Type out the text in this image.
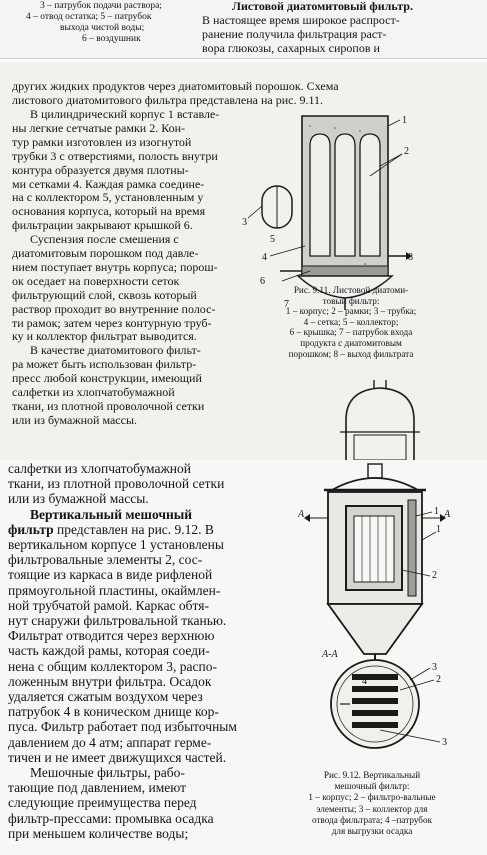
3 – патрубок подачи раствора;
4 – отвод остатка; 5 – патрубок
выхода чистой воды;
6 – воздушник
Листовой диатомитовый фильтр.
В настоящее время широкое распрост-
ранение получила фильтрация раст-
вора глюкозы, сахарных сиропов и
других жидких продуктов через диатомитовый порошок. Схема
листового диатомитового фильтра представлена на рис. 9.11.
В цилиндрический корпус 1 вставле-
ны легкие сетчатые рамки 2. Кон-
тур рамки изготовлен из изогнутой
трубки 3 с отверстиями, полость внутри
контура образуется двумя плотны-
ми сетками 4. Каждая рамка соедине-
на с коллектором 5, установленным у
основания корпуса, который на время
фильтрации закрывают крышкой 6.
Суспензия после смешения с
диатомитовым порошком под давле-
нием поступает внутрь корпуса; порош-
ок оседает на поверхности сеток
фильтрующий слой, сквозь который
раствор проходит во внутренние полос-
ти рамок; затем через контурную труб-
ку и коллектор фильтрат выводится.
В качестве диатомитового фильт-
ра может быть использован фильтр-
пресс любой конструкции, имеющий
салфетки из хлопчатобумажной
ткани, из плотной проволочной сетки
или из бумажной массы.
1
2
3
4
5
6
7
8
Рис. 9.11. Листовой диатоми-
товый фильтр:
1 – корпус; 2 – рамки; 3 – трубка;
4 – сетка; 5 – коллектор;
6 – крышка; 7 – патрубок входа
продукта с диатомитовым
порошком; 8 – выход фильтрата
салфетки из хлопчатобумажной
ткани, из плотной проволочной сетки
или из бумажной массы.
Вертикальный мешочный
фильтр представлен на рис. 9.12. В
вертикальном корпусе 1 установлены
фильтровальные элементы 2, сос-
тоящие из каркаса в виде рифленой
прямоугольной пластины, окаймлен-
ной трубчатой рамой. Каркас обтя-
нут снаружи фильтровальной тканью.
Фильтрат отводится через верхнюю
часть каждой рамы, которая соеди-
нена с общим коллектором 3, распо-
ложенным внутри фильтра. Осадок
удаляется сжатым воздухом через
патрубок 4 в коническом днище кор-
пуса. Фильтр работает под избыточным
давлением до 4 атм; аппарат герме-
тичен и не имеет движущихся частей.
Мешочные фильтры, рабо-
тающие под давлением, имеют
следующие преимущества перед
фильтр-прессами: промывка осадка
при меньшем количестве воды;
А	А
1
1
2
4
А-А
3
2
3
Рис. 9.12. Вертикальный
мешочный фильтр:
1 – корпус; 2 – фильтро-вальные
элементы; 3 – коллектор для
отвода фильтрата; 4 –патрубок
для выгрузки осадка
